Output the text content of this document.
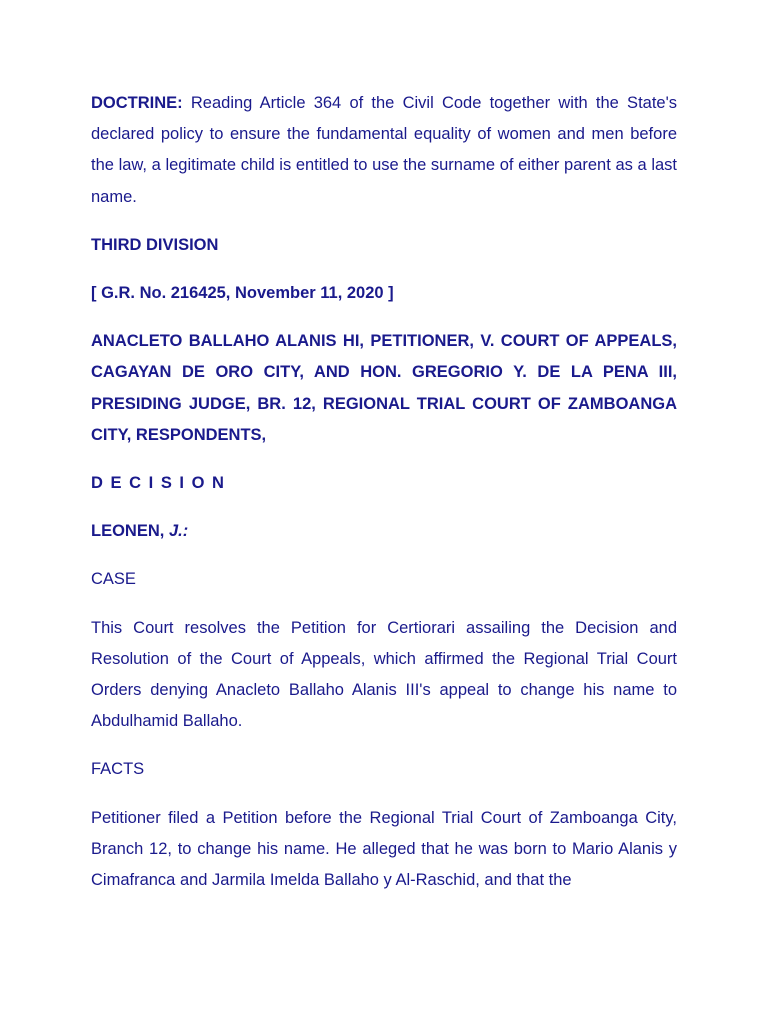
DOCTRINE: Reading Article 364 of the Civil Code together with the State's declared policy to ensure the fundamental equality of women and men before the law, a legitimate child is entitled to use the surname of either parent as a last name.

THIRD DIVISION

[ G.R. No. 216425, November 11, 2020 ]

ANACLETO BALLAHO ALANIS HI, PETITIONER, V. COURT OF APPEALS, CAGAYAN DE ORO CITY, AND HON. GREGORIO Y. DE LA PENA III, PRESIDING JUDGE, BR. 12, REGIONAL TRIAL COURT OF ZAMBOANGA CITY, RESPONDENTS,

DECISION

LEONEN, J.:

CASE

This Court resolves the Petition for Certiorari assailing the Decision and Resolution of the Court of Appeals, which affirmed the Regional Trial Court Orders denying Anacleto Ballaho Alanis III's appeal to change his name to Abdulhamid Ballaho.

FACTS

Petitioner filed a Petition before the Regional Trial Court of Zamboanga City, Branch 12, to change his name. He alleged that he was born to Mario Alanis y Cimafranca and Jarmila Imelda Ballaho y Al-Raschid, and that the
